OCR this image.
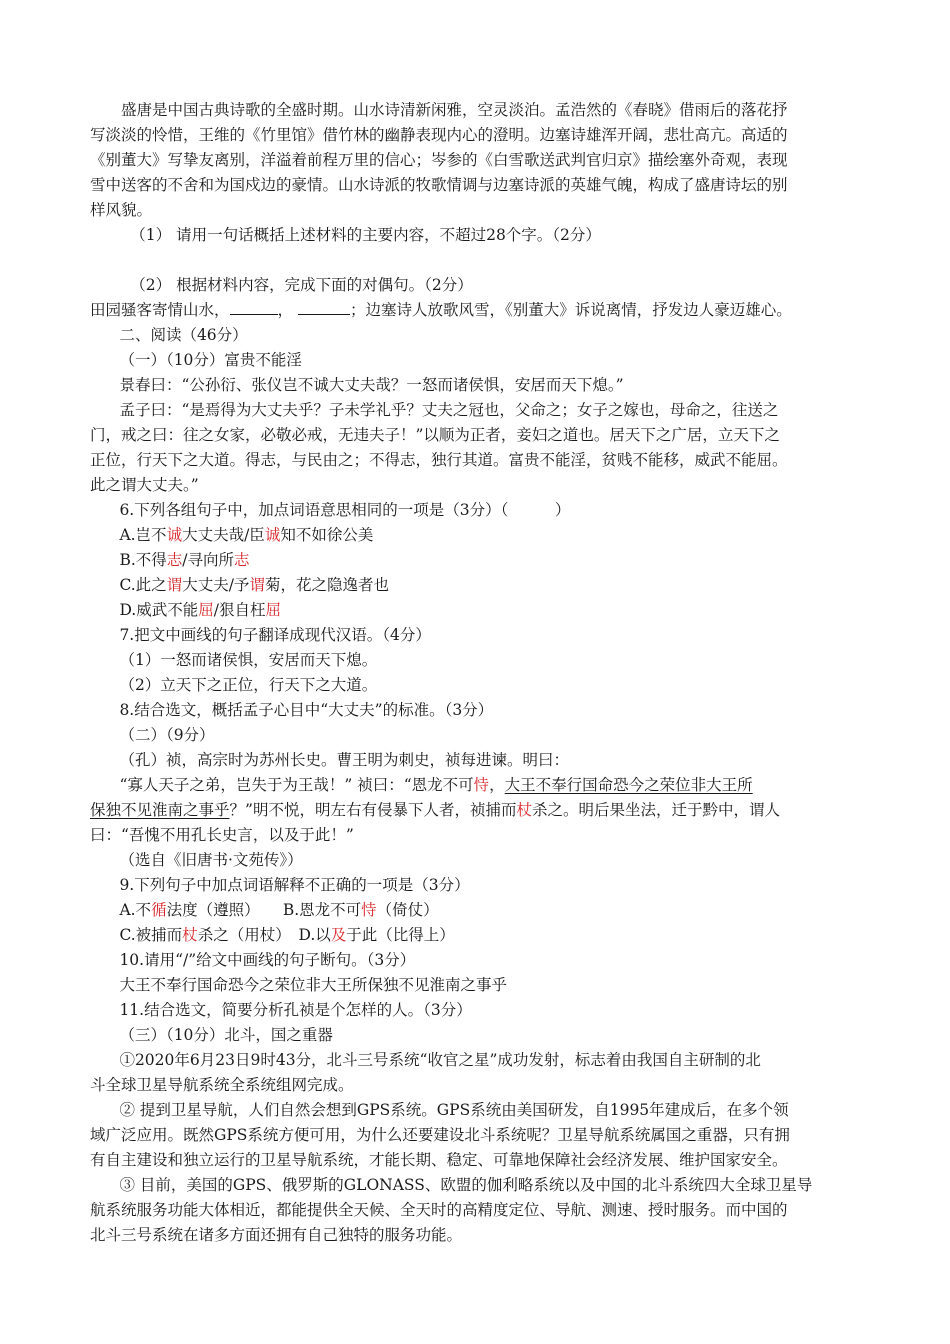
盛唐是中国古典诗歌的全盛时期。山水诗清新闲雅，空灵淡泊。孟浩然的《春晓》借雨后的落花抒

写淡淡的怜惜，王维的《竹里馆》借竹林的幽静表现内心的澄明。边塞诗雄浑开阔，悲壮高亢。高适的

《别董大》写挚友离别，洋溢着前程万里的信心；岑参的《白雪歌送武判官归京》描绘塞外奇观，表现

雪中送客的不舍和为国戍边的豪情。山水诗派的牧歌情调与边塞诗派的英雄气魄，构成了盛唐诗坛的别

样风貌。

（1） 请用一句话概括上述材料的主要内容，不超过28个字。（2分）

（2） 根据材料内容，完成下面的对偶句。（2分）

田园骚客寄情山水，	，	；边塞诗人放歌风雪，《别董大》诉说离情，抒发边人豪迈雄心。

二、阅读（46分）

（一）（10分）富贵不能淫

景春曰：“公孙衍、张仪岂不诚大丈夫哉？一怒而诸侯惧，安居而天下熄。”

孟子曰：“是焉得为大丈夫乎？子未学礼乎？丈夫之冠也，父命之；女子之嫁也，母命之，往送之

门，戒之曰：往之女家，必敬必戒，无违夫子！”以顺为正者，妾妇之道也。居天下之广居，立天下之

正位，行天下之大道。得志，与民由之；不得志，独行其道。富贵不能淫，贫贱不能移，威武不能屈。

此之谓大丈夫。”

6.下列各组句子中，加点词语意思相同的一项是（3分）（　　　）

A.岂不诚大丈夫哉/臣诚知不如徐公美

B.不得志/寻向所志

C.此之谓大丈夫/予谓菊，花之隐逸者也

D.威武不能屈/狠自枉屈

7.把文中画线的句子翻译成现代汉语。（4分）

（1）一怒而诸侯惧，安居而天下熄。

（2）立天下之正位，行天下之大道。

8.结合选文，概括孟子心目中“大丈夫”的标准。（3分）

（二）（9分）

（孔）祯，高宗时为苏州长史。曹王明为刺史，祯每进谏。明曰：

“寡人天子之弟，岂失于为王哉！” 祯曰：“恩龙不可恃，大王不奉行国命恐今之荣位非大王所

保独不见淮南之事乎？”明不悦，明左右有侵暴下人者，祯捕而杖杀之。明后果坐法，迁于黔中，谓人

曰：“吾愧不用孔长史言，以及于此！”

（选自《旧唐书·文苑传》）

9.下列句子中加点词语解释不正确的一项是（3分）

A.不循法度（遵照）　　B.恩龙不可恃（倚仗）

C.被捕而杖杀之（用杖）　D.以及于此（比得上）

10.请用“/”给文中画线的句子断句。（3分）

大王不奉行国命恐今之荣位非大王所保独不见淮南之事乎

11.结合选文，简要分析孔祯是个怎样的人。（3分）

（三）（10分）北斗，国之重器

①2020年6月23日9时43分，北斗三号系统“收官之星”成功发射，标志着由我国自主研制的北

斗全球卫星导航系统全系统组网完成。

② 提到卫星导航，人们自然会想到GPS系统。GPS系统由美国研发，自1995年建成后，在多个领

域广泛应用。既然GPS系统方便可用，为什么还要建设北斗系统呢？卫星导航系统属国之重器，只有拥

有自主建设和独立运行的卫星导航系统，才能长期、稳定、可靠地保障社会经济发展、维护国家安全。

③ 目前，美国的GPS、俄罗斯的GLONASS、欧盟的伽利略系统以及中国的北斗系统四大全球卫星导

航系统服务功能大体相近，都能提供全天候、全天时的高精度定位、导航、测速、授时服务。而中国的

北斗三号系统在诸多方面还拥有自己独特的服务功能。
